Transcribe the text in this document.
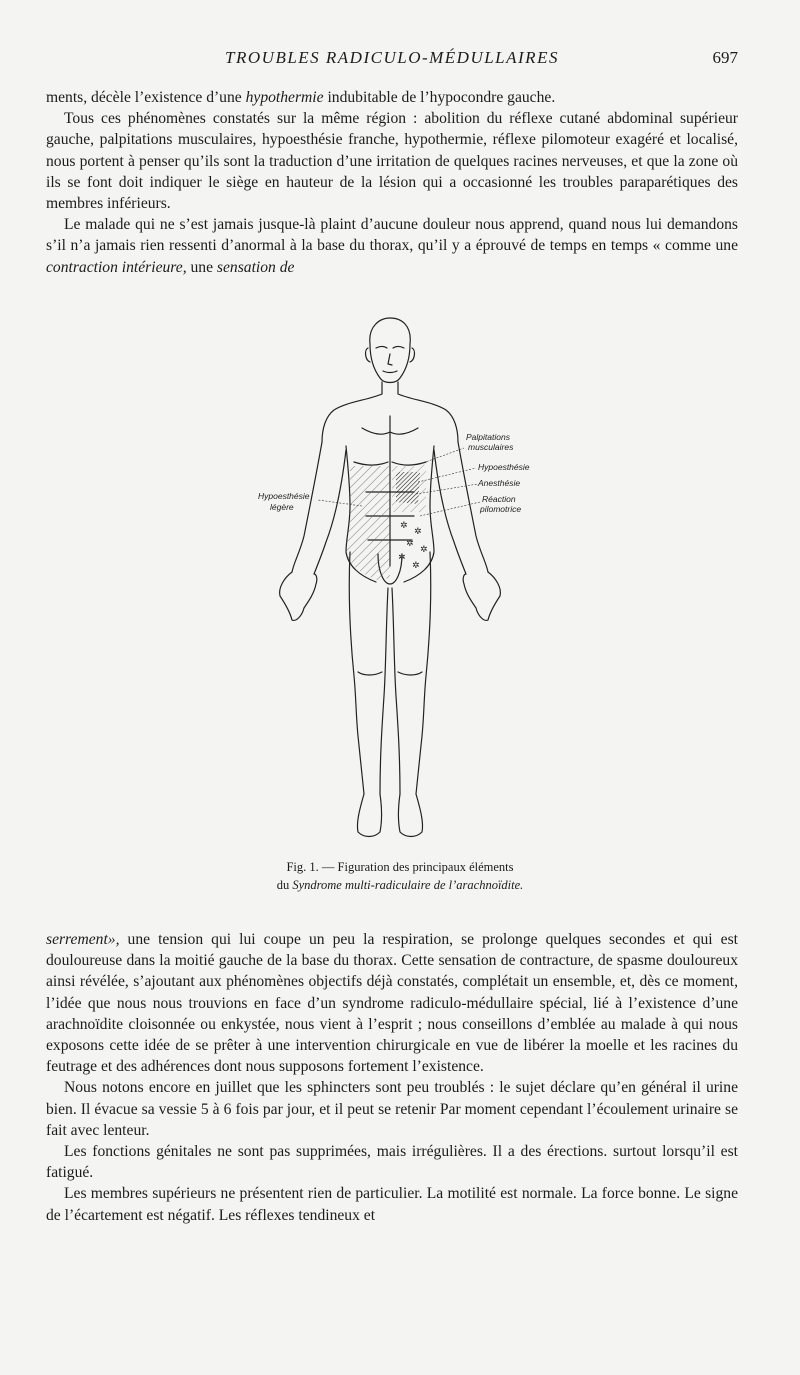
TROUBLES RADICULO-MÉDULLAIRES	697

ments, décèle l’existence d’une hypothermie indubitable de l’hypocondre gauche.

Tous ces phénomènes constatés sur la même région : abolition du réflexe cutané abdominal supérieur gauche, palpitations musculaires, hypoesthésie franche, hypothermie, réflexe pilomoteur exagéré et localisé, nous portent à penser qu’ils sont la traduction d’une irritation de quelques racines nerveuses, et que la zone où ils se font doit indiquer le siège en hauteur de la lésion qui a occasionné les troubles paraparétiques des membres inférieurs.

Le malade qui ne s’est jamais jusque-là plaint d’aucune douleur nous apprend, quand nous lui demandons s’il n’a jamais rien ressenti d’anormal à la base du thorax, qu’il y a éprouvé de temps en temps « comme une contraction intérieure, une sensation de

✲
✲
✲
✲
✲
✲
Palpitations
musculaires
Hypoesthésie
Anesthésie
Réaction
pilomotrice
Hypoesthésie
légère
Fig. 1. — Figuration des principaux éléments
du Syndrome multi-radiculaire de l’arachnoïdite.

serrement», une tension qui lui coupe un peu la respiration, se prolonge quelques secondes et qui est douloureuse dans la moitié gauche de la base du thorax. Cette sensation de contracture, de spasme douloureux ainsi révélée, s’ajoutant aux phénomènes objectifs déjà constatés, complétait un ensemble, et, dès ce moment, l’idée que nous nous trouvions en face d’un syndrome radiculo-médullaire spécial, lié à l’existence d’une arachnoïdite cloisonnée ou enkystée, nous vient à l’esprit ; nous conseillons d’emblée au malade à qui nous exposons cette idée de se prêter à une intervention chirurgicale en vue de libérer la moelle et les racines du feutrage et des adhérences dont nous supposons fortement l’existence.

Nous notons encore en juillet que les sphincters sont peu troublés : le sujet déclare qu’en général il urine bien. Il évacue sa vessie 5 à 6 fois par jour, et il peut se retenir Par moment cependant l’écoulement urinaire se fait avec lenteur.

Les fonctions génitales ne sont pas supprimées, mais irrégulières. Il a des érections. surtout lorsqu’il est fatigué.

Les membres supérieurs ne présentent rien de particulier. La motilité est normale. La force bonne. Le signe de l’écartement est négatif. Les réflexes tendineux et
